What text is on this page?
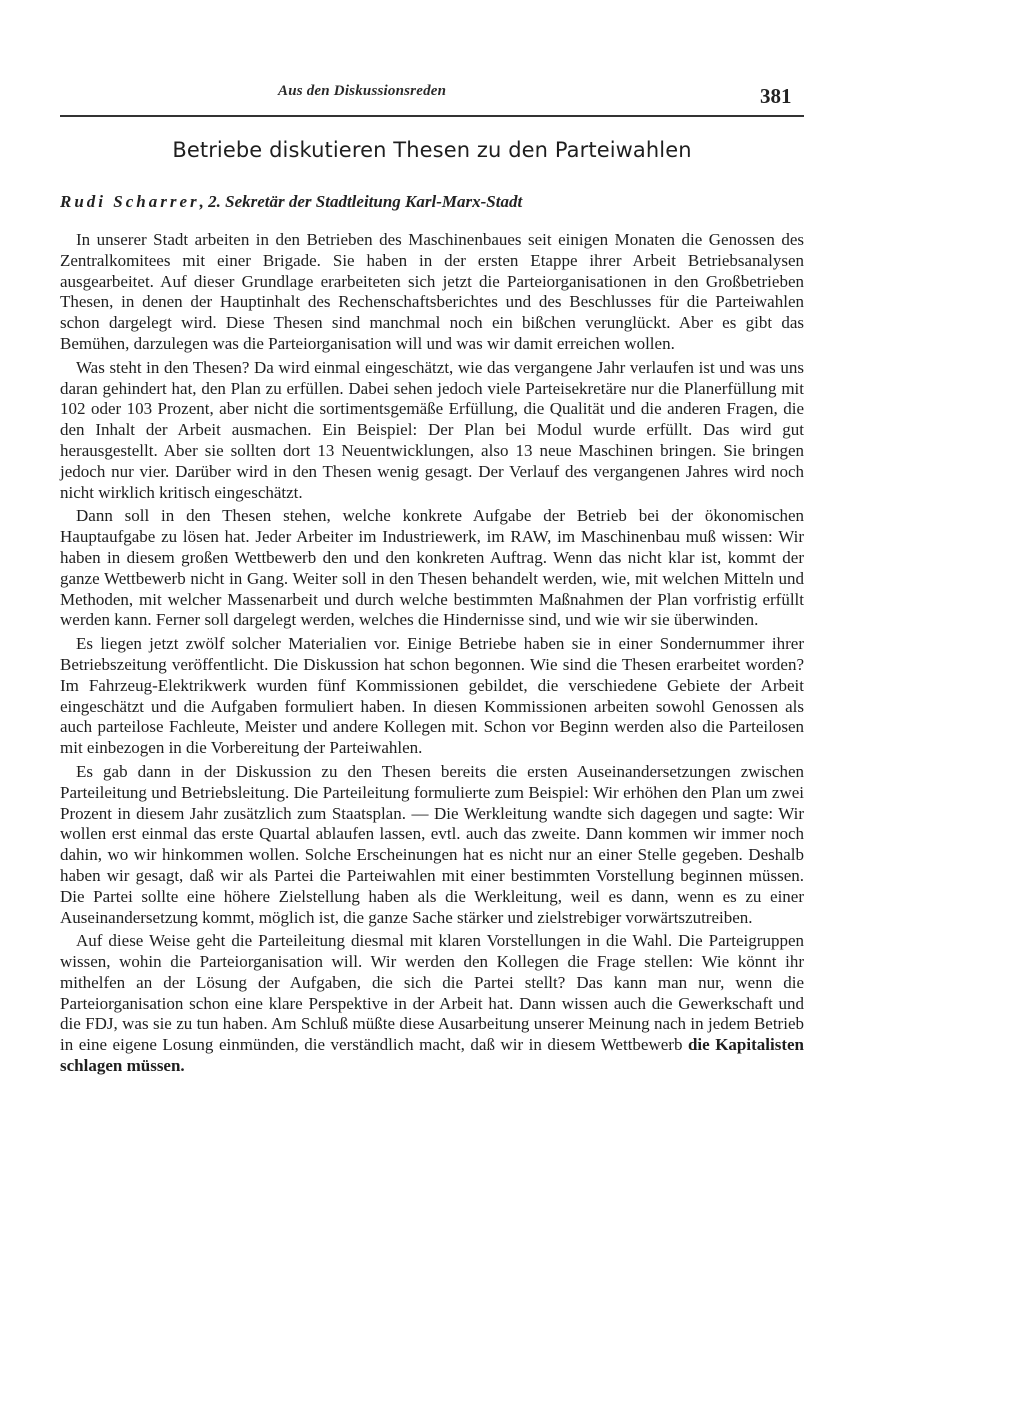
Aus den Diskussionsreden	381
Betriebe diskutieren Thesen zu den Parteiwahlen
Rudi Scharrer, 2. Sekretär der Stadtleitung Karl-Marx-Stadt

In unserer Stadt arbeiten in den Betrieben des Maschinenbaues seit einigen Monaten die Genossen des Zentralkomitees mit einer Brigade. Sie haben in der ersten Etappe ihrer Arbeit Betriebsanalysen ausgearbeitet. Auf dieser Grundlage erarbeiteten sich jetzt die Parteiorganisationen in den Großbetrieben Thesen, in denen der Hauptinhalt des Rechenschaftsberichtes und des Beschlusses für die Parteiwahlen schon dargelegt wird. Diese Thesen sind manchmal noch ein bißchen verunglückt. Aber es gibt das Bemühen, darzulegen was die Parteiorganisation will und was wir damit erreichen wollen.

Was steht in den Thesen? Da wird einmal eingeschätzt, wie das vergangene Jahr verlaufen ist und was uns daran gehindert hat, den Plan zu erfüllen. Dabei sehen jedoch viele Parteisekretäre nur die Planerfüllung mit 102 oder 103 Prozent, aber nicht die sortimentsgemäße Erfüllung, die Qualität und die anderen Fragen, die den Inhalt der Arbeit ausmachen. Ein Beispiel: Der Plan bei Modul wurde erfüllt. Das wird gut herausgestellt. Aber sie sollten dort 13 Neuentwicklungen, also 13 neue Maschinen bringen. Sie bringen jedoch nur vier. Darüber wird in den Thesen wenig gesagt. Der Verlauf des vergangenen Jahres wird noch nicht wirklich kritisch eingeschätzt.

Dann soll in den Thesen stehen, welche konkrete Aufgabe der Betrieb bei der ökonomischen Hauptaufgabe zu lösen hat. Jeder Arbeiter im Industriewerk, im RAW, im Maschinenbau muß wissen: Wir haben in diesem großen Wettbewerb den und den konkreten Auftrag. Wenn das nicht klar ist, kommt der ganze Wettbewerb nicht in Gang. Weiter soll in den Thesen behandelt werden, wie, mit welchen Mitteln und Methoden, mit welcher Massenarbeit und durch welche bestimmten Maßnahmen der Plan vorfristig erfüllt werden kann. Ferner soll dargelegt werden, welches die Hindernisse sind, und wie wir sie überwinden.

Es liegen jetzt zwölf solcher Materialien vor. Einige Betriebe haben sie in einer Sondernummer ihrer Betriebszeitung veröffentlicht. Die Diskussion hat schon begonnen. Wie sind die Thesen erarbeitet worden? Im Fahrzeug-Elektrikwerk wurden fünf Kommissionen gebildet, die verschiedene Gebiete der Arbeit eingeschätzt und die Aufgaben formuliert haben. In diesen Kommissionen arbeiten sowohl Genossen als auch parteilose Fachleute, Meister und andere Kollegen mit. Schon vor Beginn werden also die Parteilosen mit einbezogen in die Vorbereitung der Parteiwahlen.

Es gab dann in der Diskussion zu den Thesen bereits die ersten Auseinandersetzungen zwischen Parteileitung und Betriebsleitung. Die Parteileitung formulierte zum Beispiel: Wir erhöhen den Plan um zwei Prozent in diesem Jahr zusätzlich zum Staatsplan. — Die Werkleitung wandte sich dagegen und sagte: Wir wollen erst einmal das erste Quartal ablaufen lassen, evtl. auch das zweite. Dann kommen wir immer noch dahin, wo wir hinkommen wollen. Solche Erscheinungen hat es nicht nur an einer Stelle gegeben. Deshalb haben wir gesagt, daß wir als Partei die Parteiwahlen mit einer bestimmten Vorstellung beginnen müssen. Die Partei sollte eine höhere Zielstellung haben als die Werkleitung, weil es dann, wenn es zu einer Auseinandersetzung kommt, möglich ist, die ganze Sache stärker und zielstrebiger vorwärtszutreiben.

Auf diese Weise geht die Parteileitung diesmal mit klaren Vorstellungen in die Wahl. Die Parteigruppen wissen, wohin die Parteiorganisation will. Wir werden den Kollegen die Frage stellen: Wie könnt ihr mithelfen an der Lösung der Aufgaben, die sich die Partei stellt? Das kann man nur, wenn die Parteiorganisation schon eine klare Perspektive in der Arbeit hat. Dann wissen auch die Gewerkschaft und die FDJ, was sie zu tun haben. Am Schluß müßte diese Ausarbeitung unserer Meinung nach in jedem Betrieb in eine eigene Losung einmünden, die verständlich macht, daß wir in diesem Wettbewerb die Kapitalisten schlagen müssen.
